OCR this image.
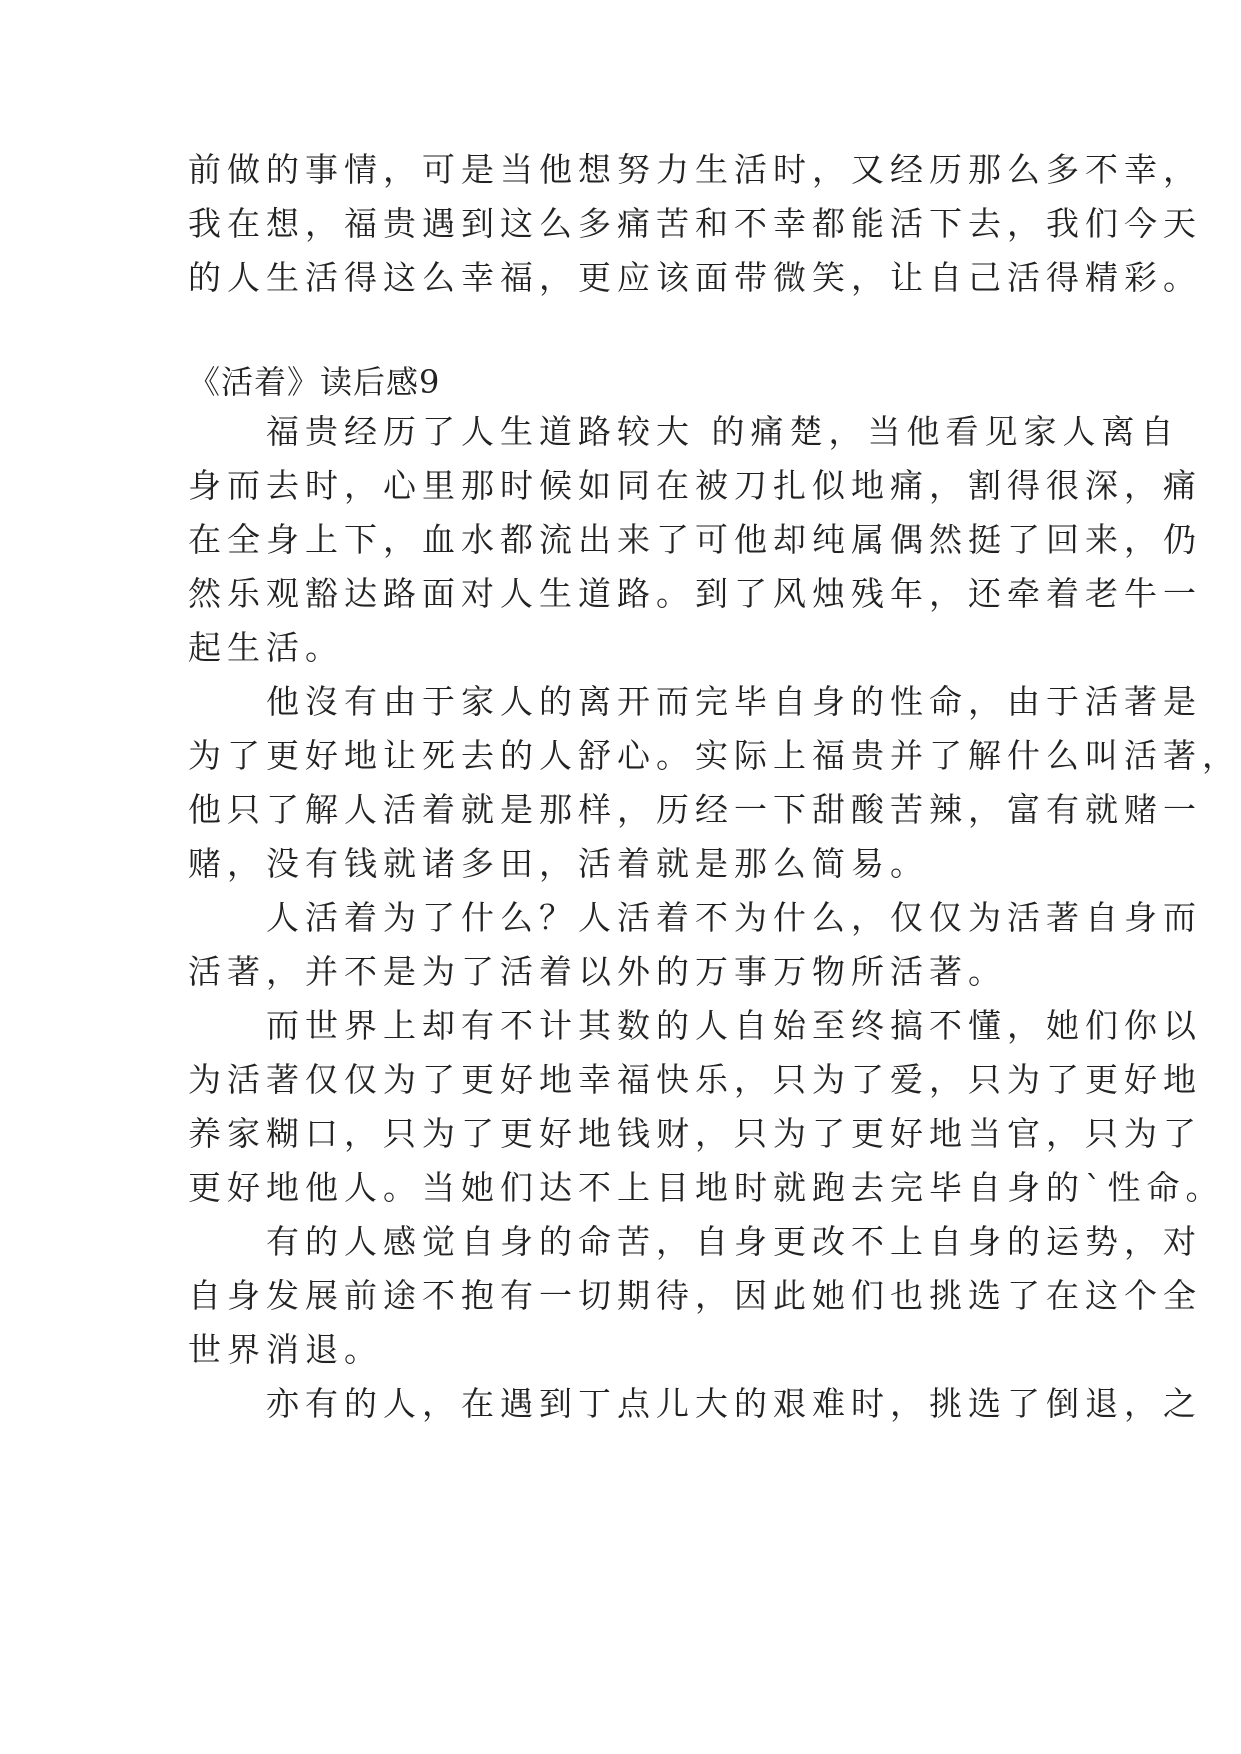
前做的事情，可是当他想努力生活时，又经历那么多不幸，
我在想，福贵遇到这么多痛苦和不幸都能活下去，我们今天
的人生活得这么幸福，更应该面带微笑，让自己活得精彩。
《活着》读后感9
　　福贵经历了人生道路较大 的痛楚，当他看见家人离自
身而去时，心里那时候如同在被刀扎似地痛，割得很深，痛
在全身上下，血水都流出来了可他却纯属偶然挺了回来，仍
然乐观豁达路面对人生道路。到了风烛残年，还牵着老牛一
起生活。
　　他沒有由于家人的离开而完毕自身的性命，由于活著是
为了更好地让死去的人舒心。实际上福贵并了解什么叫活著，
他只了解人活着就是那样，历经一下甜酸苦辣，富有就赌一
赌，没有钱就诸多田，活着就是那么简易。
　　人活着为了什么？人活着不为什么，仅仅为活著自身而
活著，并不是为了活着以外的万事万物所活著。
　　而世界上却有不计其数的人自始至终搞不懂，她们你以
为活著仅仅为了更好地幸福快乐，只为了爱，只为了更好地
养家糊口，只为了更好地钱财，只为了更好地当官，只为了
更好地他人。当她们达不上目地时就跑去完毕自身的`性命。
　　有的人感觉自身的命苦，自身更改不上自身的运势，对
自身发展前途不抱有一切期待，因此她们也挑选了在这个全
世界消退。
　　亦有的人，在遇到丁点儿大的艰难时，挑选了倒退，之
